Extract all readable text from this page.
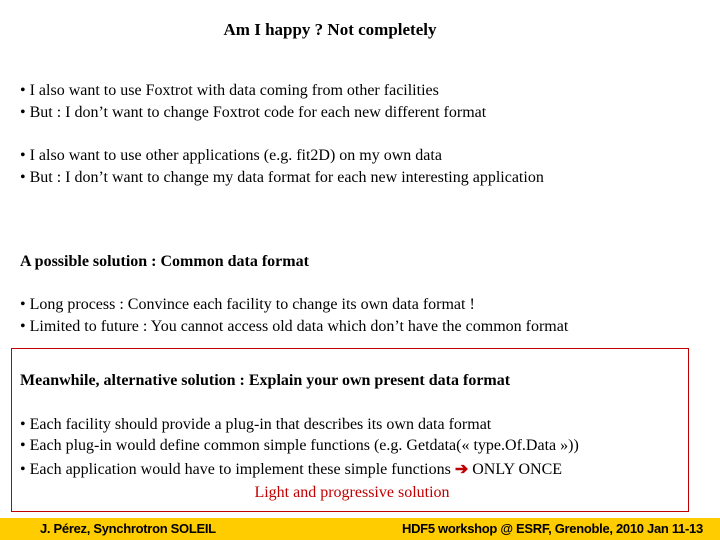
Am I happy ? Not completely
• I also want to use Foxtrot with data coming from other facilities
• But : I don’t want to change Foxtrot code for each new different format
• I also want to use other applications (e.g. fit2D) on my own data
• But : I don’t want to change my data format for each new interesting application
A possible solution : Common data format
• Long process : Convince each facility to change its own data format !
• Limited to future : You cannot access old data which don’t have the common format
Meanwhile, alternative solution : Explain your own present data format
• Each facility should provide a plug-in that describes its own data format
• Each plug-in would define common simple functions (e.g. Getdata(« type.Of.Data »))
• Each application would have to implement these simple functions ➔ ONLY ONCE
Light and progressive solution
J. Pérez, Synchrotron SOLEIL	HDF5 workshop @ ESRF, Grenoble, 2010 Jan 11-13
